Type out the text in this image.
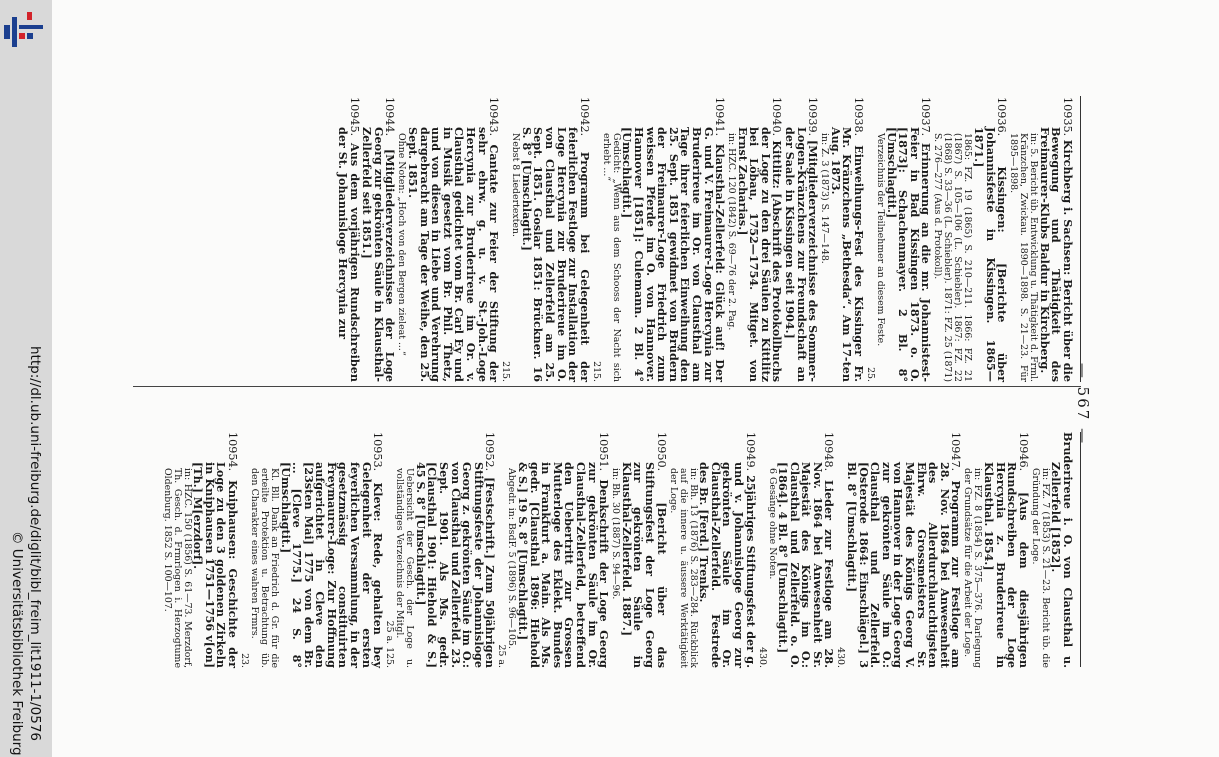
http://dl.ub.uni-freiburg.de/diglit/bibl_freim_lit1911-1/0576
© Universitätsbibliothek Freiburg
— 567 —

10935. Kirchberg i. Sachsen: Bericht über die Bewegung und Thätigkeit des Freimaurer-Klubs Baldur in Kirchberg.
in: 5. Bericht üb. Entwicklung u. Thätigkeit d. Frml. Kränzchen, Zwickau. 1890—1898. S. 21—23. Für 1895—1898.

10936. Kissingen: [Berichte über Johannisfeste in Kissingen. 1865—1871.]
1865: FZ. 19 (1865) S. 210—211. 1866: FZ. 21 (1867) S. 105—106 (L. Schiebler). 1867: FZ. 22 (1868) S. 33—36 (L. Schiebler). 1871: FZ. 25 (1871) S. 276—277 (Aus d. Protokoll).

10937. Erinnerung an die mr. Johannistest-Feier in Bad Kissingen 1873. o. O. [1873]: Schachenmayer. 2 Bl. 8° [Umschlagtit.]
Verzeichnis der Teilnehmer an diesem Feste.
25.

10938. Einweihungs-Fest des Kissinger Fr. Mr. Kränzchens „Bethesda“. Am 17-ten Aug. 1873.
in: Z. 3 (1873) S. 147—148.

10939. [Mitgliederverzeichnisse des Sommer-Logen-Kränzchens zur Freundschaft an der Saale in Kissingen seit 1904.]

10940. Kittlitz: [Abschrift des Protokollbuchs der Loge zu den drei Säulen zu Kittlitz bei Löbau, 1752—1754. Mitget. von Ernst Zacharias.]
in: HZC. 120 (1842) S. 69—76 der 2. Pag.

10941. Klausthal-Zellerfeld: Glück auf! Der G. und V. Freimaurer-Loge Hercynia zur Bruderireue im Or. von Clausthal am Tage ihrer feierlichen Einweihung den 25. Sept. 1851 gewidmet von Brüdern der Freimaurer-Loge Friedrich zum weissen Pferde im O. von Hannover. Hannover [1851]: Culemann. 2 Bl. 4° [Umschlagtit.]
Gedicht: „Wenn aus dem Schooss der Nacht sich erhebt ...“
215.

10942. Programm bei Gelegenheit der feierlichen Festloge zur Installation der Loge Hercynia zur Bruderireue im O. von Clausthal und Zellerfeld am 25. Sept. 1851. Goslar 1851: Brückner. 16 S. 8° [Umschlagtit.]
Nebst 8 Liedertexten.
215.

10943. Cantate zur Feier der Stiftung der sehr ehrw. g. u. v. St.-Joh.-Loge Hercynia zur Bruderireue im Or. v. Clausthal gedichtet vom Br. Carl Ey und in Musik gesetzt vom Br. Phil. Thetz, und von diesen in Liebe und Verehrung dargebracht am Tage der Weihe, den 25. Sept. 1851.
Ohne Noten: „Hoch von den Bergen zieleat ...“

10944. [Mitgliederverzeichnisse der Loge Georg zur gekrönten Säule in Klausthal-Zellerfeld seit 1851.]

10945. Aus dem vorjährigen Rundschreiben der St. Johannisloge Hercynia zur

Bruderireue i. O. von Clausthal u. Zellerfeld [1852].
in: FZ. 7 (1853) S. 21—23. Bericht üb. die Gründung der Loge.

10946. [Aus dem diesjährigen Rundschreiben der Loge Hercynia z. Bruderireue in Klausthal. 1854.]
in: FZ. 8 (1854) S. 375—376. Darlegung der Grundsätze für die Arbeit der Loge.

10947. Programm zur Festloge am 28. Nov. 1864 bei Anwesenheit des Allerdurchlauchtigsten Ehrw. Grossmeisters Sr. Majestät des Königs Georg V. von Hannover in der Loge Georg zur gekrönten Säule im O.: Clausthal und Zellerfeld. [Osterode 1864: Einschlägel.] 3 Bl. 8° [Umschlagtit.]
430.

10948. Lieder zur Festloge am 28. Nov. 1864 bei Anwesenheit Sr. Majestät des Königs im O.: Clausthal und Zellerfeld. o. O. [1864]. 4 Bl. 8° [Umschlagtit.]
6 Gesänge ohne Noten.
430.

10949. 25jähriges Stiftungsfest der g. und v. Johannisloge Georg zur gekrönten Säule im Or. Clausthal-Zellerfeld. Festrede des Br. [Ferd.] Trenks.
in: Bh. 13 (1876) S. 283—284. Rückblick auf die innere u. äussere Werktätigkeit der Loge.

10950. [Bericht über das Stiftungsfest der Loge Georg zur gekrönten Säule in Klausthal-Zellerfeld. 1887.]
in: Bh. 30 (1887) S. 94—96.

10951. Denkschrift der Loge Georg zur gekrönten Säule im Or. Clausthal-Zellerfeld, betreffend den Uebertritt zur Grossen Mutterloge des Eklekt. Bundes in Frankfurt a. Main. Als Ms. gedr. [Clausthal 1896: Hiehold & S.] 19 S. 8° [Umschlagtit.]
Abgedr. in: BsdF. 5 (1896) S. 96—105.
25 a.

10952. [Festschrift.] Zum 50jährigen Stiftungsfeste der Johannisloge Georg z. gekrönten Säule im O.: von Clausthal und Zellerfeld. 23. Sept. 1901. Als Ms. gedr. [Clausthal 1901: Hiehold & S.] 45 S. 8° [Umschlagtit.]
Uebersicht der Gesch. der Loge u. vollständiges Verzeichnis der Mitgl.
25 a. 125.

10953. Kleve: Rede, gehalten bey Gelegenheit der ersten feyerlichen Versammlung, in der gesetzmässig constituirten Freymaurer-Loge: Zur Hoffnung aufgerichtet in Cleve den [23sten Mai] 1775 von dem Br. ... [Cleve 1775.] 24 S. 8° [Umschlagtit.]
Kl. Bll. Dank an Friedrich d. Gr. für die erteilte Protektion u. Betrachtung üb. den Charakter eines wahren Frmrs.
23.

10954. Kniphausen: Geschichte der Loge zu den 3 goldenen Zirkeln in Kniphausen 1751—1756 v[on] [Th.] M[erzdorf].
in: HZC. 150 (1856) S. 61—73. Merzdorf, Th. Gesch. d. Frmrlogen i. Herzogtume Oldenburg. 1852 S. 100—107.
